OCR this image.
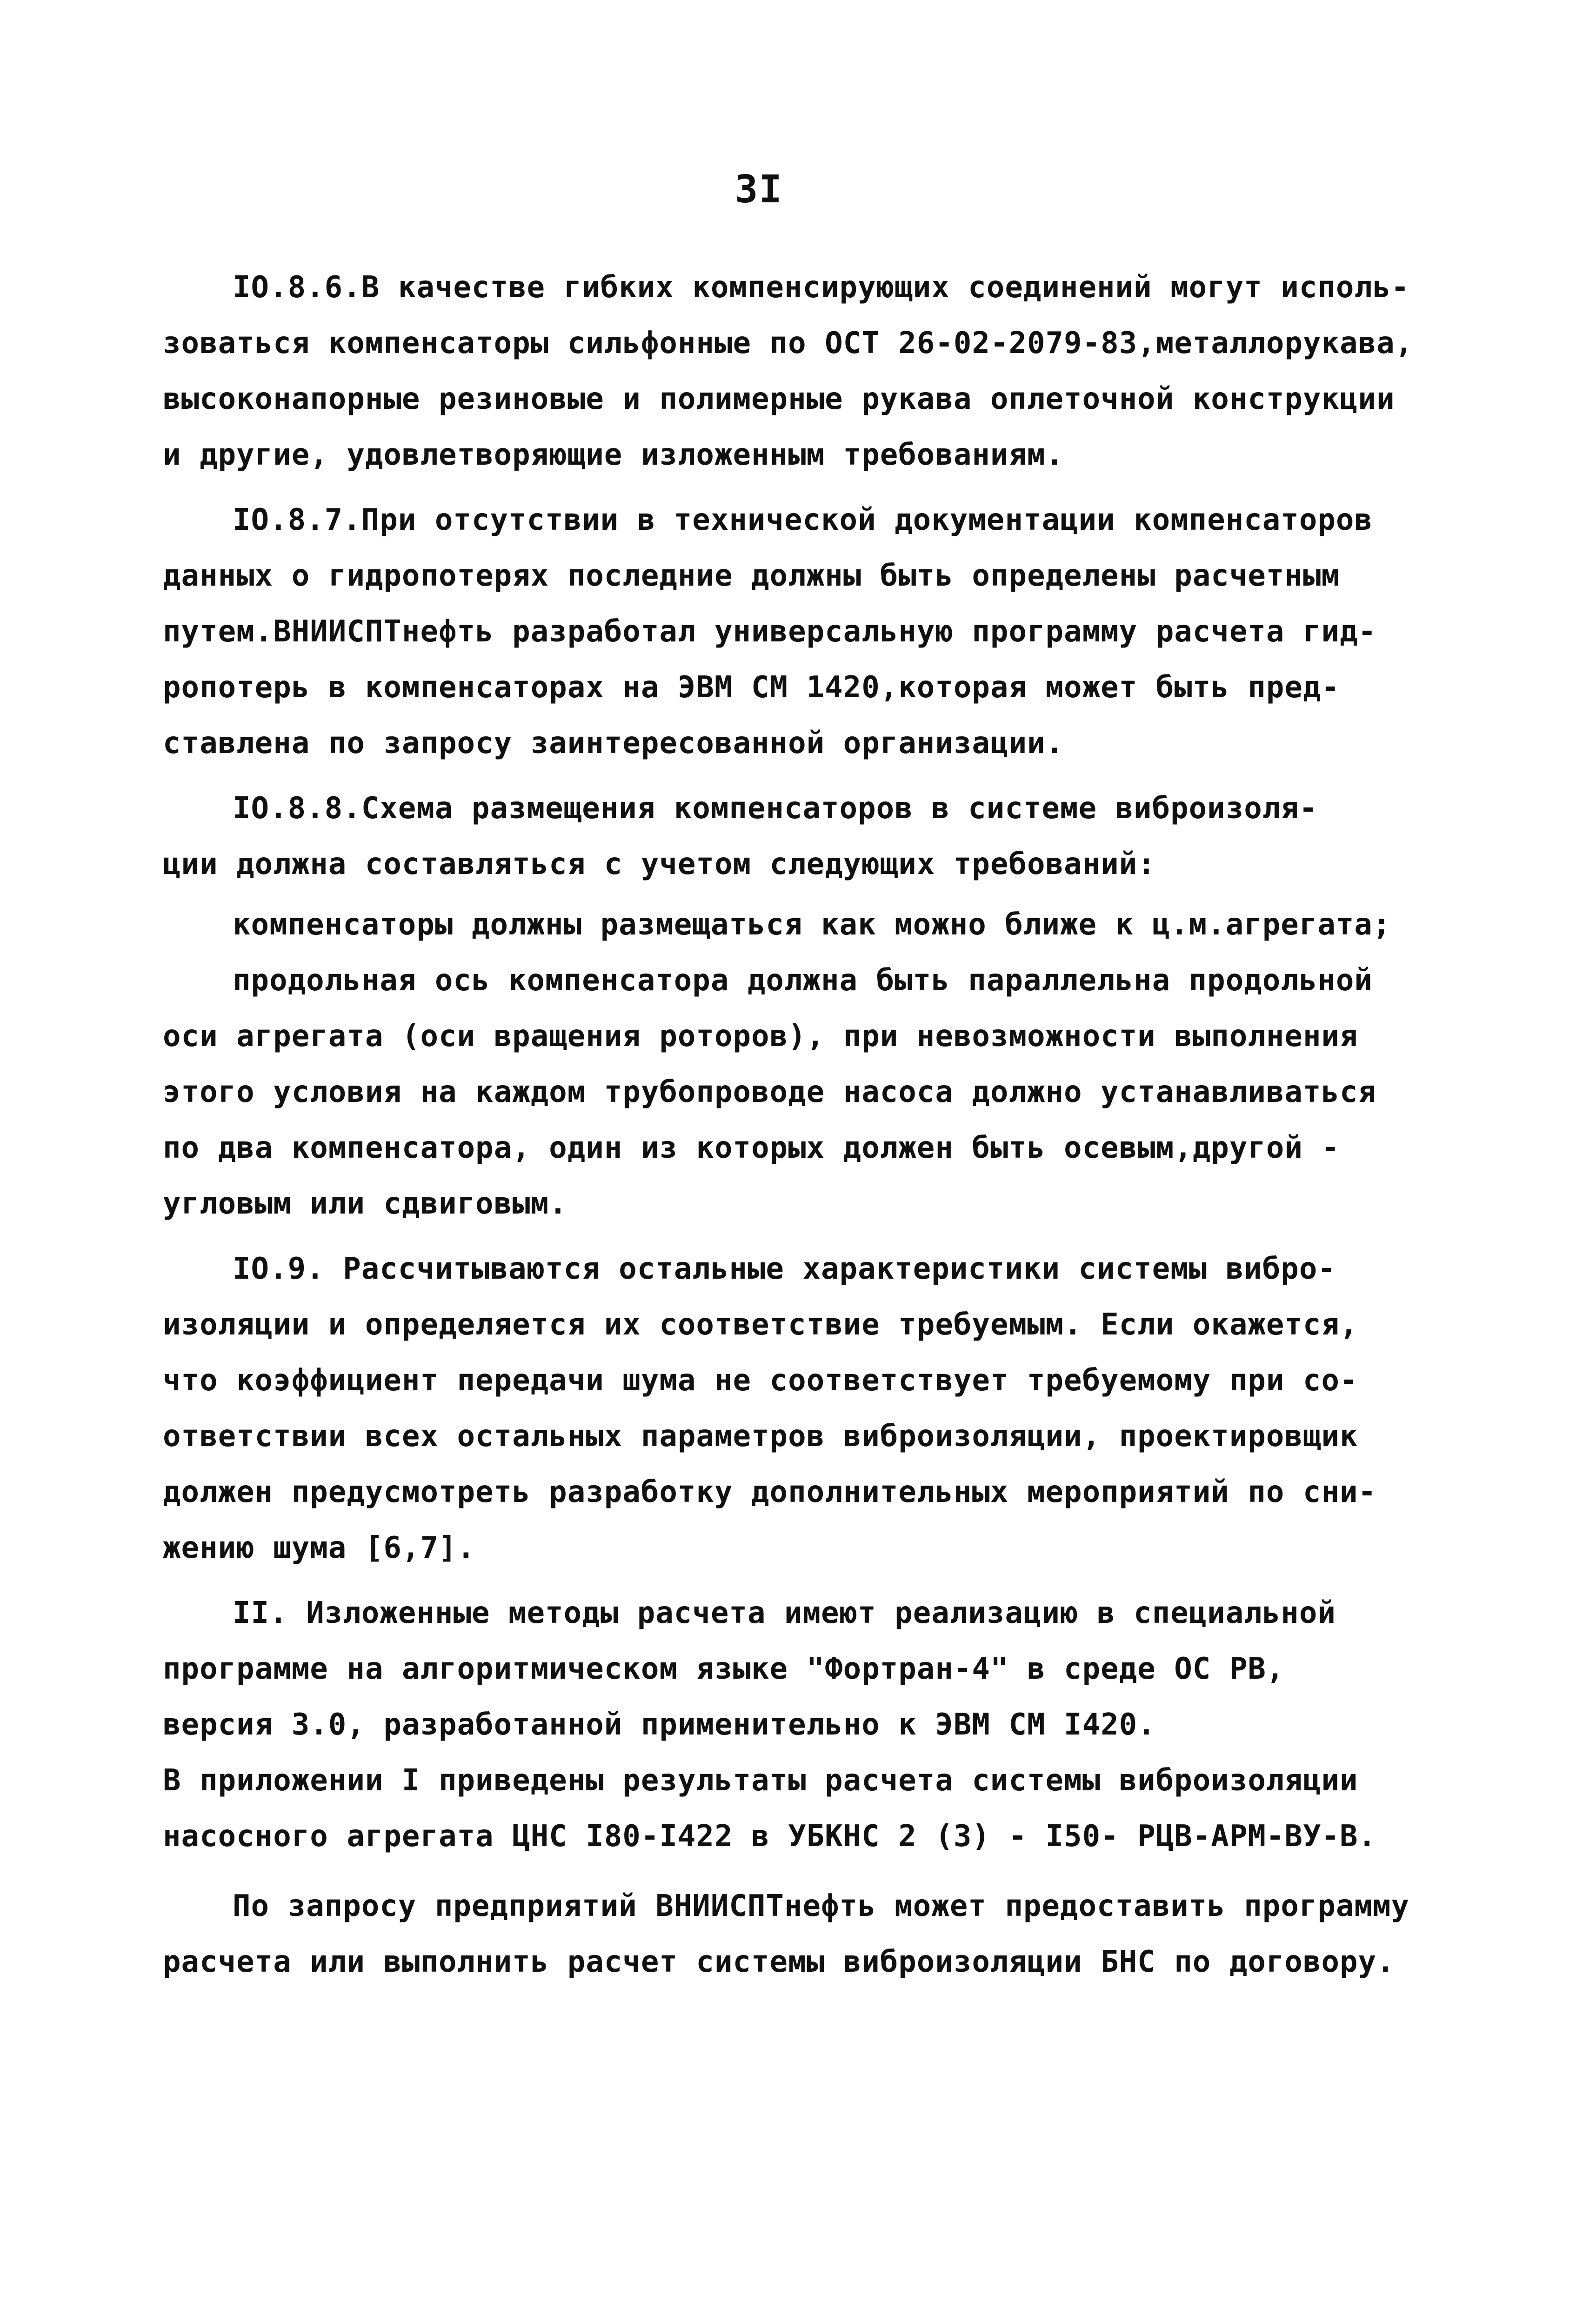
3I
IO.8.6.В качестве гибких компенсирующих соединений могут исполь-
зоваться компенсаторы сильфонные по ОСТ 26-02-2079-83,металлорукава,
высоконапорные резиновые и полимерные рукава оплеточной конструкции
и другие, удовлетворяющие изложенным требованиям.
IO.8.7.При отсутствии в технической документации компенсаторов
данных о гидропотерях последние должны быть определены расчетным
путем.ВНИИСПТнефть разработал универсальную программу расчета гид-
ропотерь в компенсаторах на ЭВМ СМ 1420,которая может быть пред-
ставлена по запросу заинтересованной организации.
IO.8.8.Схема размещения компенсаторов в системе виброизоля-
ции должна составляться с учетом следующих требований:
компенсаторы должны размещаться как можно ближе к ц.м.агрегата;
продольная ось компенсатора должна быть параллельна продольной
оси агрегата (оси вращения роторов), при невозможности выполнения
этого условия на каждом трубопроводе насоса должно устанавливаться
по два компенсатора, один из которых должен быть осевым,другой -
угловым или сдвиговым.
IO.9. Рассчитываются остальные характеристики системы вибро-
изоляции и определяется их соответствие требуемым. Если окажется,
что коэффициент передачи шума не соответствует требуемому при со-
ответствии всех остальных параметров виброизоляции, проектировщик
должен предусмотреть разработку дополнительных мероприятий по сни-
жению шума [6,7].
II. Изложенные методы расчета имеют реализацию в специальной
программе на алгоритмическом языке "Фортран-4" в среде ОС РВ,
версия 3.0, разработанной применительно к ЭВМ СМ I420.
В приложении I приведены результаты расчета системы виброизоляции
насосного агрегата ЦНС I80-I422 в УБКНС 2 (3) - I50- РЦВ-АРМ-ВУ-В.
По запросу предприятий ВНИИСПТнефть может предоставить программу
расчета или выполнить расчет системы виброизоляции БНС по договору.
